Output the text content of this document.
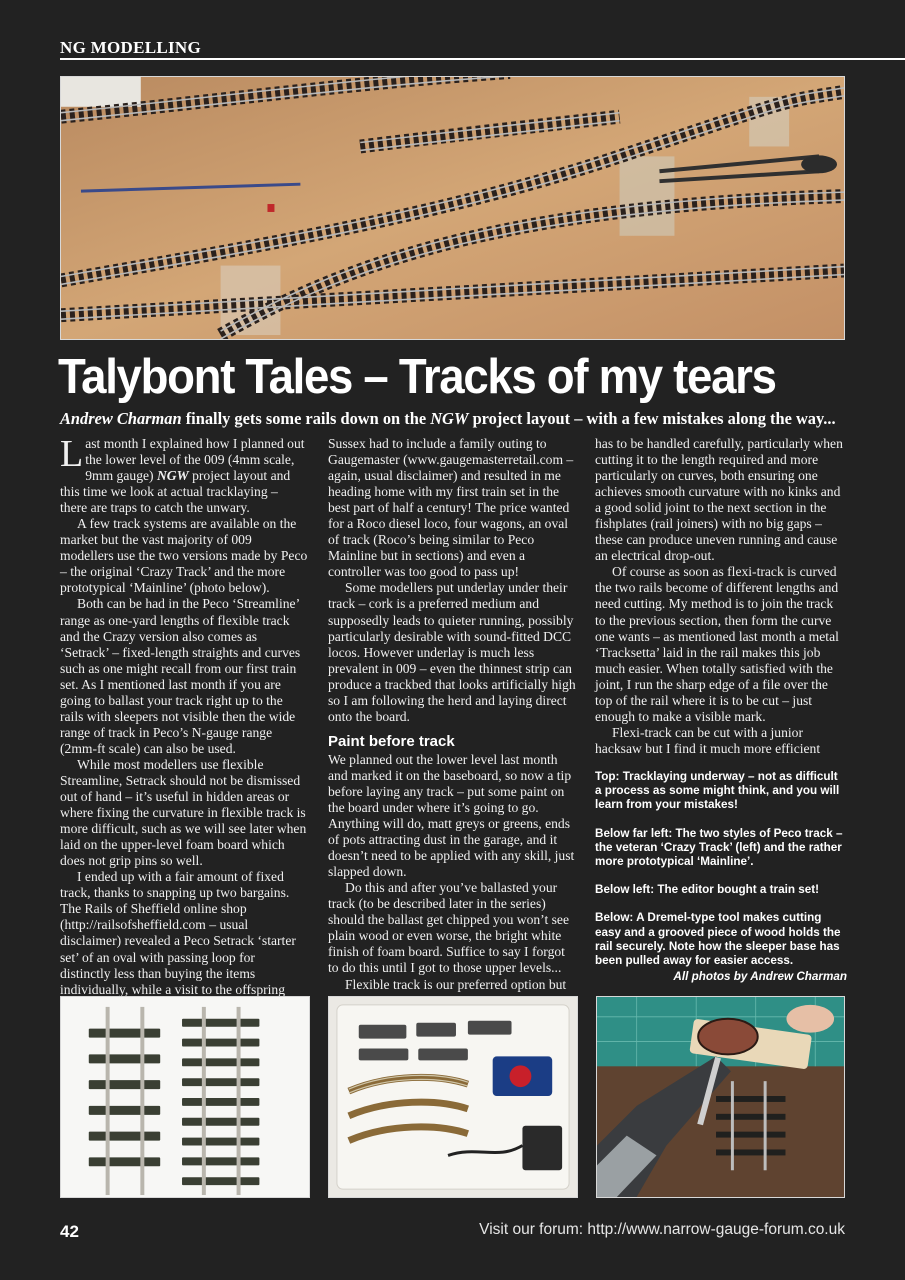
NG MODELLING
Talybont Tales – Tracks of my tears
Andrew Charman finally gets some rails down on the NGW project layout – with a few mistakes along the way...

Last month I explained how I planned out the lower level of the 009 (4mm scale, 9mm gauge) NGW project layout and this time we look at actual tracklaying – there are traps to catch the unwary.

A few track systems are available on the market but the vast majority of 009 modellers use the two versions made by Peco – the original ‘Crazy Track’ and the more prototypical ‘Mainline’ (photo below).

Both can be had in the Peco ‘Streamline’ range as one-yard lengths of flexible track and the Crazy version also comes as ‘Setrack’ – fixed-length straights and curves such as one might recall from our first train set. As I mentioned last month if you are going to ballast your track right up to the rails with sleepers not visible then the wide range of track in Peco’s N-gauge range (2mm-ft scale) can also be used.

While most modellers use flexible Streamline, Setrack should not be dismissed out of hand – it’s useful in hidden areas or where fixing the curvature in flexible track is more difficult, such as we will see later when laid on the upper-level foam board which does not grip pins so well.

I ended up with a fair amount of fixed track, thanks to snapping up two bargains. The Rails of Sheffield online shop (http://railsofsheffield.com – usual disclaimer) revealed a Peco Setrack ‘starter set’ of an oval with passing loop for distinctly less than buying the items individually, while a visit to the offspring

Sussex had to include a family outing to Gaugemaster (www.gaugemasterretail.com – again, usual disclaimer) and resulted in me heading home with my first train set in the best part of half a century! The price wanted for a Roco diesel loco, four wagons, an oval of track (Roco’s being similar to Peco Mainline but in sections) and even a controller was too good to pass up!

Some modellers put underlay under their track – cork is a preferred medium and supposedly leads to quieter running, possibly particularly desirable with sound-fitted DCC locos. However underlay is much less prevalent in 009 – even the thinnest strip can produce a trackbed that looks artificially high so I am following the herd and laying direct onto the board.

Paint before track

We planned out the lower level last month and marked it on the baseboard, so now a tip before laying any track – put some paint on the board under where it’s going to go. Anything will do, matt greys or greens, ends of pots attracting dust in the garage, and it doesn’t need to be applied with any skill, just slapped down.

Do this and after you’ve ballasted your track (to be described later in the series) should the ballast get chipped you won’t see plain wood or even worse, the bright white finish of foam board. Suffice to say I forgot to do this until I got to those upper levels...

Flexible track is our preferred option but

has to be handled carefully, particularly when cutting it to the length required and more particularly on curves, both ensuring one achieves smooth curvature with no kinks and a good solid joint to the next section in the fishplates (rail joiners) with no big gaps – these can produce uneven running and cause an electrical drop-out.

Of course as soon as flexi-track is curved the two rails become of different lengths and need cutting. My method is to join the track to the previous section, then form the curve one wants – as mentioned last month a metal ‘Tracksetta’ laid in the rail makes this job much easier. When totally satisfied with the joint, I run the sharp edge of a file over the top of the rail where it is to be cut – just enough to make a visible mark.

Flexi-track can be cut with a junior hacksaw but I find it much more efficient

Top: Tracklaying underway – not as difficult a process as some might think, and you will learn from your mistakes!

Below far left: The two styles of Peco track – the veteran ‘Crazy Track’ (left) and the rather more prototypical ‘Mainline’.

Below left: The editor bought a train set!

Below: A Dremel-type tool makes cutting easy and a grooved piece of wood holds the rail securely. Note how the sleeper base has been pulled away for easier access.

All photos by Andrew Charman

42	Visit our forum: http://www.narrow-gauge-forum.co.uk
